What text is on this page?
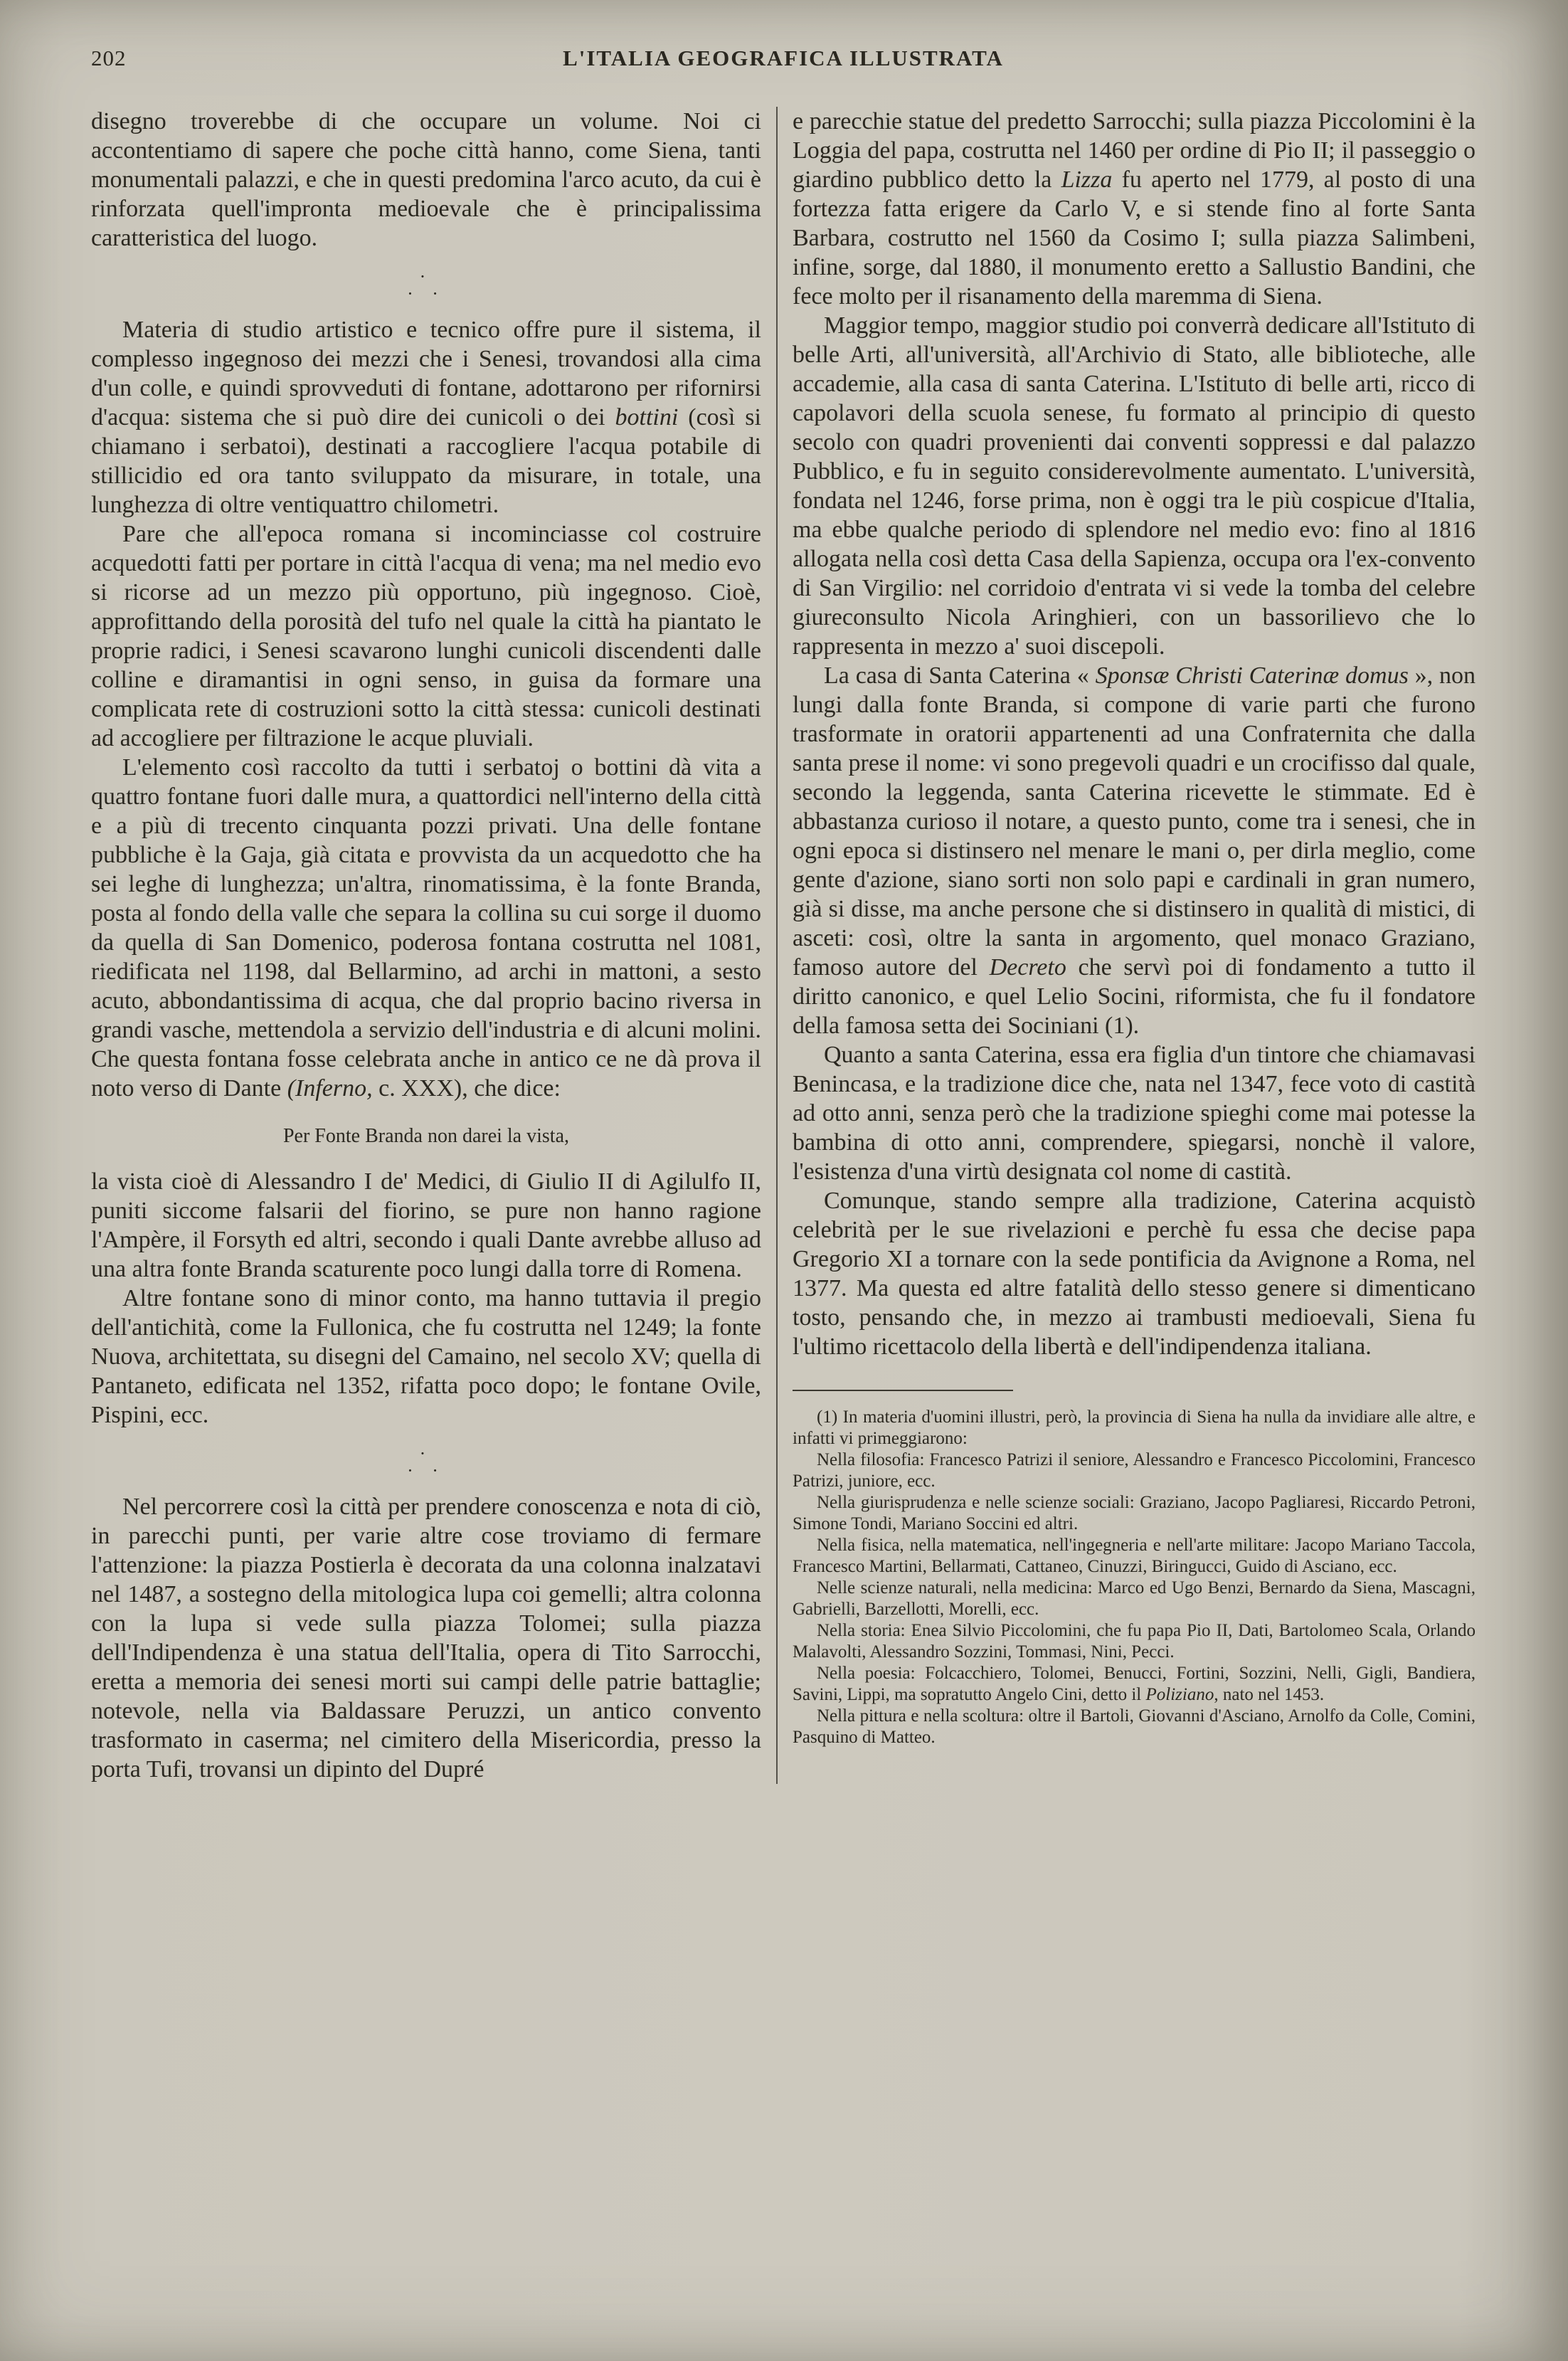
202	L'ITALIA GEOGRAFICA ILLUSTRATA

disegno troverebbe di che occupare un volume. Noi ci accontentiamo di sapere che poche città hanno, come Siena, tanti monumentali palazzi, e che in questi predomina l'arco acuto, da cui è rinforzata quell'impronta medioevale che è principalissima caratteristica del luogo.

·
· ·

Materia di studio artistico e tecnico offre pure il sistema, il complesso ingegnoso dei mezzi che i Senesi, trovandosi alla cima d'un colle, e quindi sprovveduti di fontane, adottarono per rifornirsi d'acqua: sistema che si può dire dei cunicoli o dei bottini (così si chiamano i serbatoi), destinati a raccogliere l'acqua potabile di stillicidio ed ora tanto sviluppato da misurare, in totale, una lunghezza di oltre ventiquattro chilometri.

Pare che all'epoca romana si incominciasse col costruire acquedotti fatti per portare in città l'acqua di vena; ma nel medio evo si ricorse ad un mezzo più opportuno, più ingegnoso. Cioè, approfittando della porosità del tufo nel quale la città ha piantato le proprie radici, i Senesi scavarono lunghi cunicoli discendenti dalle colline e diramantisi in ogni senso, in guisa da formare una complicata rete di costruzioni sotto la città stessa: cunicoli destinati ad accogliere per filtrazione le acque pluviali.

L'elemento così raccolto da tutti i serbatoj o bottini dà vita a quattro fontane fuori dalle mura, a quattordici nell'interno della città e a più di trecento cinquanta pozzi privati. Una delle fontane pubbliche è la Gaja, già citata e provvista da un acquedotto che ha sei leghe di lunghezza; un'altra, rinomatissima, è la fonte Branda, posta al fondo della valle che separa la collina su cui sorge il duomo da quella di San Domenico, poderosa fontana costrutta nel 1081, riedificata nel 1198, dal Bellarmino, ad archi in mattoni, a sesto acuto, abbondantissima di acqua, che dal proprio bacino riversa in grandi vasche, mettendola a servizio dell'industria e di alcuni molini. Che questa fontana fosse celebrata anche in antico ce ne dà prova il noto verso di Dante (Inferno, c. XXX), che dice:

Per Fonte Branda non darei la vista,

la vista cioè di Alessandro I de' Medici, di Giulio II di Agilulfo II, puniti siccome falsarii del fiorino, se pure non hanno ragione l'Ampère, il Forsyth ed altri, secondo i quali Dante avrebbe alluso ad una altra fonte Branda scaturente poco lungi dalla torre di Romena.

Altre fontane sono di minor conto, ma hanno tuttavia il pregio dell'antichità, come la Fullonica, che fu costrutta nel 1249; la fonte Nuova, architettata, su disegni del Camaino, nel secolo XV; quella di Pantaneto, edificata nel 1352, rifatta poco dopo; le fontane Ovile, Pispini, ecc.

·
· ·

Nel percorrere così la città per prendere conoscenza e nota di ciò, in parecchi punti, per varie altre cose troviamo di fermare l'attenzione: la piazza Postierla è decorata da una colonna inalzatavi nel 1487, a sostegno della mitologica lupa coi gemelli; altra colonna con la lupa si vede sulla piazza Tolomei; sulla piazza dell'Indipendenza è una statua dell'Italia, opera di Tito Sarrocchi, eretta a memoria dei senesi morti sui campi delle patrie battaglie; notevole, nella via Baldassare Peruzzi, un antico convento trasformato in caserma; nel cimitero della Misericordia, presso la porta Tufi, trovansi un dipinto del Dupré

e parecchie statue del predetto Sarrocchi; sulla piazza Piccolomini è la Loggia del papa, costrutta nel 1460 per ordine di Pio II; il passeggio o giardino pubblico detto la Lizza fu aperto nel 1779, al posto di una fortezza fatta erigere da Carlo V, e si stende fino al forte Santa Barbara, costrutto nel 1560 da Cosimo I; sulla piazza Salimbeni, infine, sorge, dal 1880, il monumento eretto a Sallustio Bandini, che fece molto per il risanamento della maremma di Siena.

Maggior tempo, maggior studio poi converrà dedicare all'Istituto di belle Arti, all'università, all'Archivio di Stato, alle biblioteche, alle accademie, alla casa di santa Caterina. L'Istituto di belle arti, ricco di capolavori della scuola senese, fu formato al principio di questo secolo con quadri provenienti dai conventi soppressi e dal palazzo Pubblico, e fu in seguito considerevolmente aumentato. L'università, fondata nel 1246, forse prima, non è oggi tra le più cospicue d'Italia, ma ebbe qualche periodo di splendore nel medio evo: fino al 1816 allogata nella così detta Casa della Sapienza, occupa ora l'ex-convento di San Virgilio: nel corridoio d'entrata vi si vede la tomba del celebre giureconsulto Nicola Aringhieri, con un bassorilievo che lo rappresenta in mezzo a' suoi discepoli.

La casa di Santa Caterina « Sponsæ Christi Caterinæ domus », non lungi dalla fonte Branda, si compone di varie parti che furono trasformate in oratorii appartenenti ad una Confraternita che dalla santa prese il nome: vi sono pregevoli quadri e un crocifisso dal quale, secondo la leggenda, santa Caterina ricevette le stimmate. Ed è abbastanza curioso il notare, a questo punto, come tra i senesi, che in ogni epoca si distinsero nel menare le mani o, per dirla meglio, come gente d'azione, siano sorti non solo papi e cardinali in gran numero, già si disse, ma anche persone che si distinsero in qualità di mistici, di asceti: così, oltre la santa in argomento, quel monaco Graziano, famoso autore del Decreto che servì poi di fondamento a tutto il diritto canonico, e quel Lelio Socini, riformista, che fu il fondatore della famosa setta dei Sociniani (1).

Quanto a santa Caterina, essa era figlia d'un tintore che chiamavasi Benincasa, e la tradizione dice che, nata nel 1347, fece voto di castità ad otto anni, senza però che la tradizione spieghi come mai potesse la bambina di otto anni, comprendere, spiegarsi, nonchè il valore, l'esistenza d'una virtù designata col nome di castità.

Comunque, stando sempre alla tradizione, Caterina acquistò celebrità per le sue rivelazioni e perchè fu essa che decise papa Gregorio XI a tornare con la sede pontificia da Avignone a Roma, nel 1377. Ma questa ed altre fatalità dello stesso genere si dimenticano tosto, pensando che, in mezzo ai trambusti medioevali, Siena fu l'ultimo ricettacolo della libertà e dell'indipendenza italiana.

(1) In materia d'uomini illustri, però, la provincia di Siena ha nulla da invidiare alle altre, e infatti vi primeggiarono:

Nella filosofia: Francesco Patrizi il seniore, Alessandro e Francesco Piccolomini, Francesco Patrizi, juniore, ecc.

Nella giurisprudenza e nelle scienze sociali: Graziano, Jacopo Pagliaresi, Riccardo Petroni, Simone Tondi, Mariano Soccini ed altri.

Nella fisica, nella matematica, nell'ingegneria e nell'arte militare: Jacopo Mariano Taccola, Francesco Martini, Bellarmati, Cattaneo, Cinuzzi, Biringucci, Guido di Asciano, ecc.

Nelle scienze naturali, nella medicina: Marco ed Ugo Benzi, Bernardo da Siena, Mascagni, Gabrielli, Barzellotti, Morelli, ecc.

Nella storia: Enea Silvio Piccolomini, che fu papa Pio II, Dati, Bartolomeo Scala, Orlando Malavolti, Alessandro Sozzini, Tommasi, Nini, Pecci.

Nella poesia: Folcacchiero, Tolomei, Benucci, Fortini, Sozzini, Nelli, Gigli, Bandiera, Savini, Lippi, ma sopratutto Angelo Cini, detto il Poliziano, nato nel 1453.

Nella pittura e nella scoltura: oltre il Bartoli, Giovanni d'Asciano, Arnolfo da Colle, Comini, Pasquino di Matteo.
